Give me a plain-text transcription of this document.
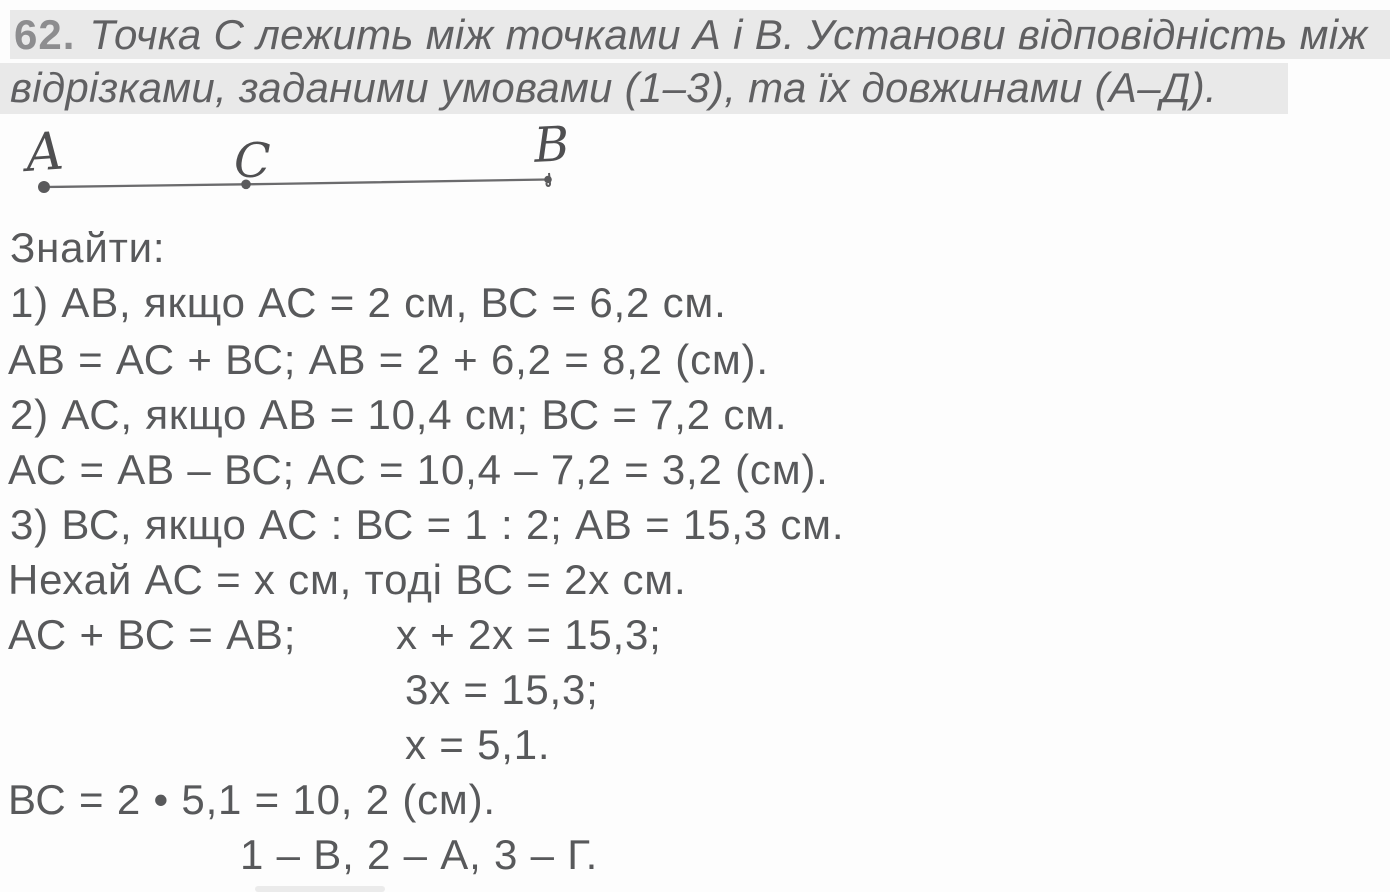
62. Точка С лежить між точками А і В. Установи відповідність між
відрізками, заданими умовами (1–3), та їх довжинами (А–Д).
A	C	B
Знайти:
1) АВ, якщо АС = 2 см, ВС = 6,2 см.
АВ = АС + ВС; АВ = 2 + 6,2 = 8,2 (см).
2) АС, якщо АВ = 10,4 см; ВС = 7,2 см.
АС = АВ – ВС; АС = 10,4 – 7,2 = 3,2 (см).
3) ВС, якщо АС : ВС = 1 : 2; АВ = 15,3 см.
Нехай АС = х см, тоді ВС = 2х см.
АС + ВС = АВ;        х + 2х = 15,3;
3х = 15,3;
х = 5,1.
ВС = 2 • 5,1 = 10, 2 (см).
1 – В, 2 – А, 3 – Г.
